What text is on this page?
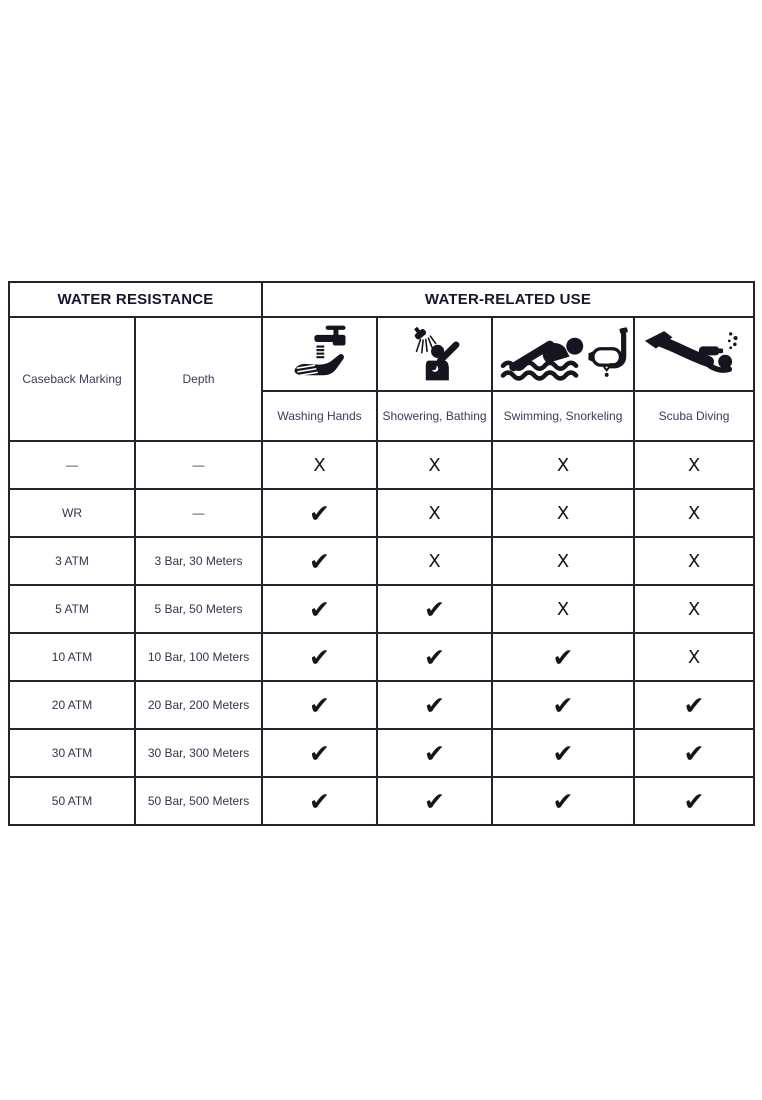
WATER RESISTANCE		WATER-RELATED USE			
Caseback Marking	Depth	

		Washing Hands	Showering, Bathing	Swimming, Snorkeling	Scuba Diving
—	—	X	X	X	X
WR	—	✔	X	X	X
3 ATM	3 Bar, 30 Meters	✔	X	X	X
5 ATM	5 Bar, 50 Meters	✔	✔	X	X
10 ATM	10 Bar, 100 Meters	✔	✔	✔	X
20 ATM	20 Bar, 200 Meters	✔	✔	✔	✔
30 ATM	30 Bar, 300 Meters	✔	✔	✔	✔
50 ATM	50 Bar, 500 Meters	✔	✔	✔	✔
